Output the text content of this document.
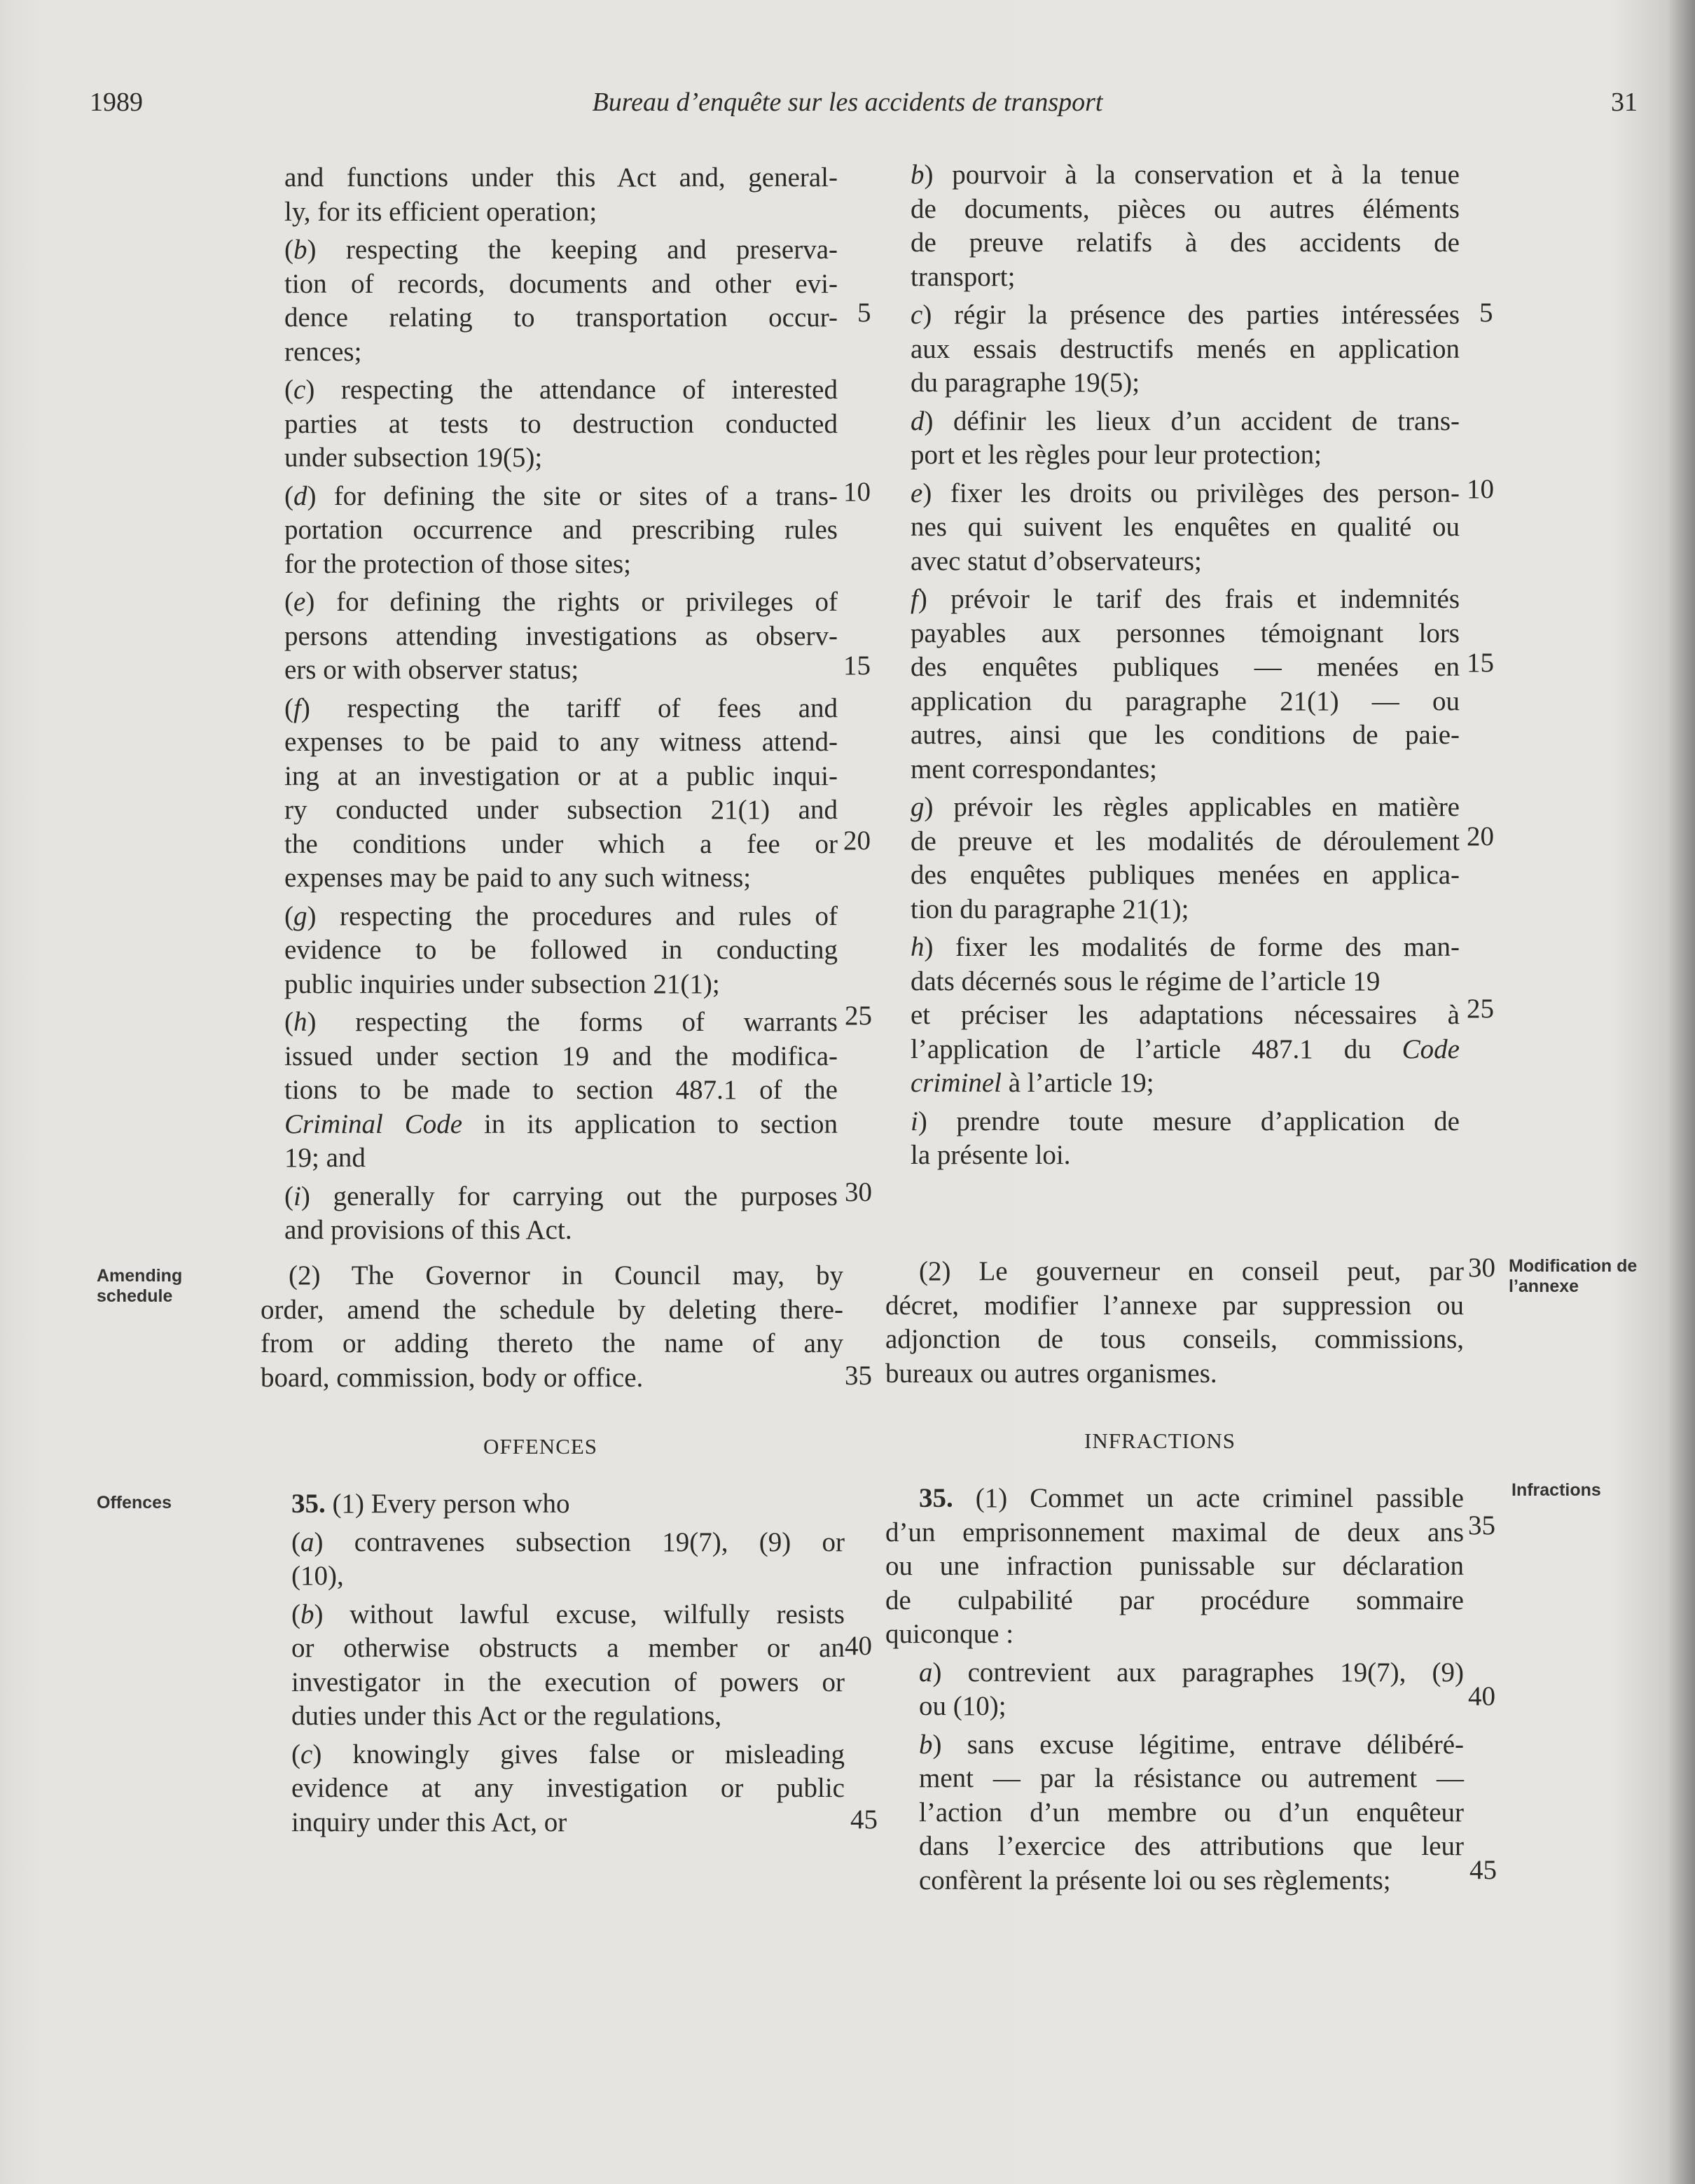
1989	Bureau d’enquête sur les accidents de transport	31
and functions under this Act and, general-
ly, for its efficient operation;
(b) respecting the keeping and preserva-
tion of records, documents and other evi-
dence relating to transportation occur-
rences;
(c) respecting the attendance of interested
parties at tests to destruction conducted
under subsection 19(5);
(d) for defining the site or sites of a trans-
portation occurrence and prescribing rules
for the protection of those sites;
(e) for defining the rights or privileges of
persons attending investigations as observ-
ers or with observer status;
(f) respecting the tariff of fees and
expenses to be paid to any witness attend-
ing at an investigation or at a public inqui-
ry conducted under subsection 21(1) and
the conditions under which a fee or
expenses may be paid to any such witness;
(g) respecting the procedures and rules of
evidence to be followed in conducting
public inquiries under subsection 21(1);
(h) respecting the forms of warrants
issued under section 19 and the modifica-
tions to be made to section 487.1 of the
Criminal Code in its application to section
19; and
(i) generally for carrying out the purposes
and provisions of this Act.
b) pourvoir à la conservation et à la tenue
de documents, pièces ou autres éléments
de preuve relatifs à des accidents de
transport;
c) régir la présence des parties intéressées
aux essais destructifs menés en application
du paragraphe 19(5);
d) définir les lieux d’un accident de trans-
port et les règles pour leur protection;
e) fixer les droits ou privilèges des person-
nes qui suivent les enquêtes en qualité ou
avec statut d’observateurs;
f) prévoir le tarif des frais et indemnités
payables aux personnes témoignant lors
des enquêtes publiques — menées en
application du paragraphe 21(1) — ou
autres, ainsi que les conditions de paie-
ment correspondantes;
g) prévoir les règles applicables en matière
de preuve et les modalités de déroulement
des enquêtes publiques menées en applica-
tion du paragraphe 21(1);
h) fixer les modalités de forme des man-
dats décernés sous le régime de l’article 19
et préciser les adaptations nécessaires à
l’application de l’article 487.1 du Code
criminel à l’article 19;
i) prendre toute mesure d’application de
la présente loi.
(2) The Governor in Council may, by
order, amend the schedule by deleting there-
from or adding thereto the name of any
board, commission, body or office.
(2) Le gouverneur en conseil peut, par
décret, modifier l’annexe par suppression ou
adjonction de tous conseils, commissions,
bureaux ou autres organismes.
OFFENCES	INFRACTIONS
35. (1) Every person who
(a) contravenes subsection 19(7), (9) or
(10),
(b) without lawful excuse, wilfully resists
or otherwise obstructs a member or an
investigator in the execution of powers or
duties under this Act or the regulations,
(c) knowingly gives false or misleading
evidence at any investigation or public
inquiry under this Act, or
35. (1) Commet un acte criminel passible
d’un emprisonnement maximal de deux ans
ou une infraction punissable sur déclaration
de culpabilité par procédure sommaire
quiconque :
a) contrevient aux paragraphes 19(7), (9)
ou (10);
b) sans excuse légitime, entrave délibéré-
ment — par la résistance ou autrement —
l’action d’un membre ou d’un enquêteur
dans l’exercice des attributions que leur
confèrent la présente loi ou ses règlements;
5
10
15
20
25
30
35
40
45
5
10
15
20
25
30
35
40
45
Amending schedule
Offences
Modification de l’annexe
Infractions
